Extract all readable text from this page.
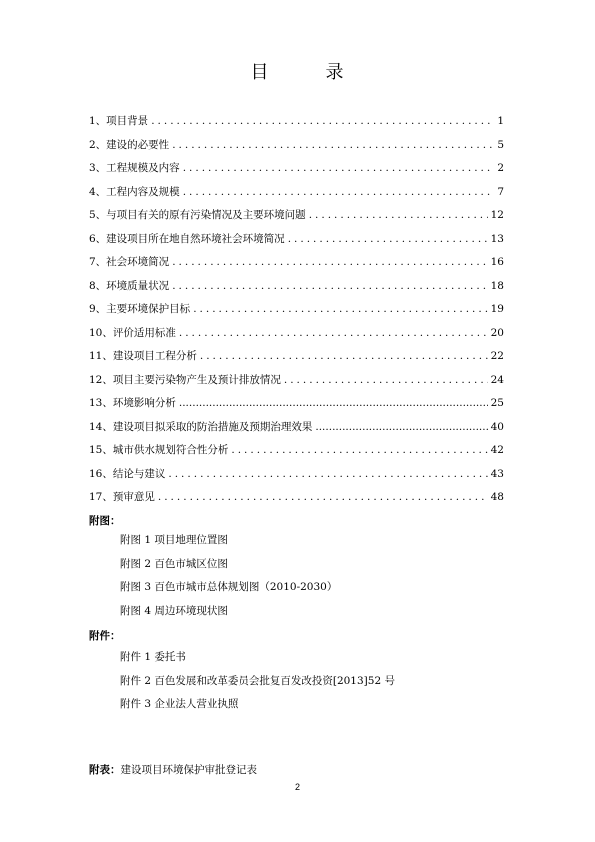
目	录
1、项目背景 .....	1
2、建设的必要性 .....	5
3、工程规模及内容 .....	2
4、工程内容及规模 .....	7
5、与项目有关的原有污染情况及主要环境问题 .....	12
6、建设项目所在地自然环境社会环境简况 .....	13
7、社会环境简况 .....	16
8、环境质量状况 .....	18
9、主要环境保护目标 .....	19
10、评价适用标准 .....	20
11、建设项目工程分析 .....	22
12、项目主要污染物产生及预计排放情况 .....	24
13、环境影响分析 .....	25
14、建设项目拟采取的防治措施及预期治理效果 .....	40
15、城市供水规划符合性分析 .....	42
16、结论与建议 .....	43
17、预审意见 .....	48
附图：
附图 1 项目地理位置图
附图 2 百色市城区位图
附图 3 百色市城市总体规划图（2010-2030）
附图 4 周边环境现状图
附件：
附件 1 委托书
附件 2 百色发展和改革委员会批复百发改投资[2013]52 号
附件 3 企业法人营业执照
附表：建设项目环境保护审批登记表
2
